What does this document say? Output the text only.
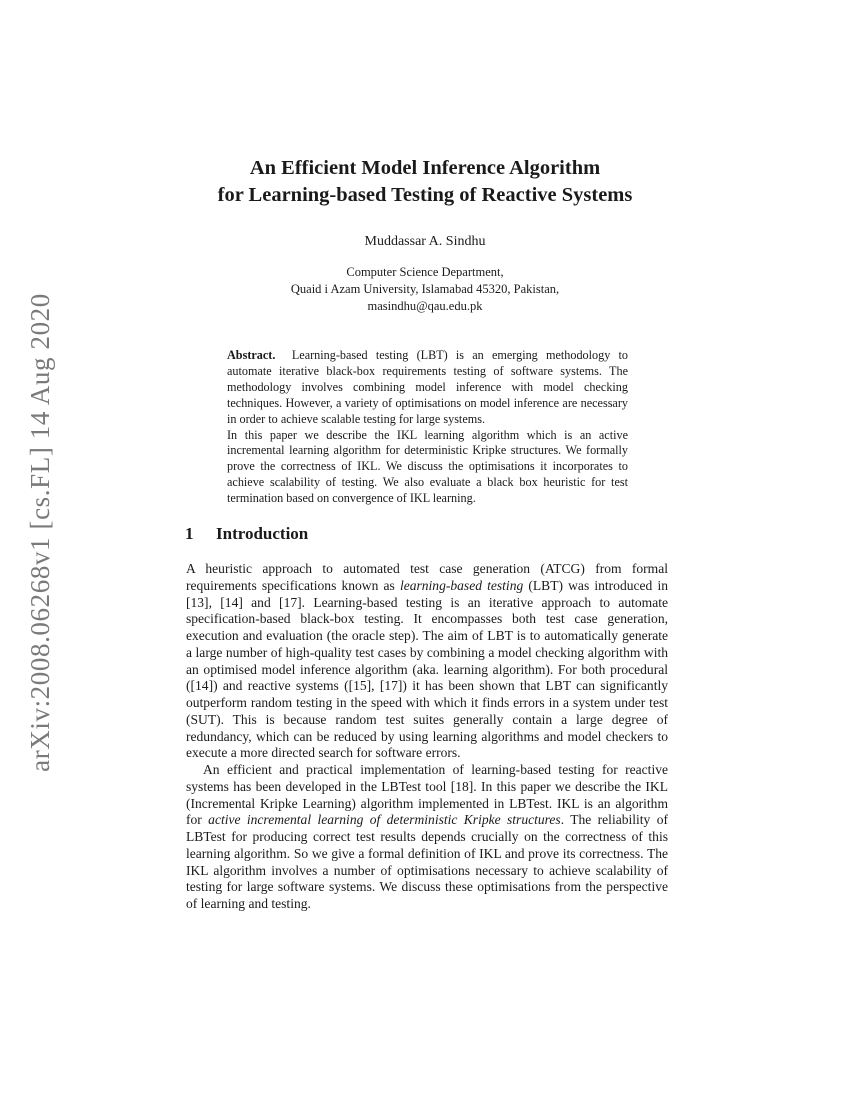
arXiv:2008.06268v1 [cs.FL] 14 Aug 2020
An Efficient Model Inference Algorithm
for Learning-based Testing of Reactive Systems
Muddassar A. Sindhu
Computer Science Department,
Quaid i Azam University, Islamabad 45320, Pakistan,
masindhu@qau.edu.pk

Abstract. Learning-based testing (LBT) is an emerging methodology to automate iterative black-box requirements testing of software systems. The methodology involves combining model inference with model checking techniques. However, a variety of optimisations on model inference are necessary in order to achieve scalable testing for large systems.

In this paper we describe the IKL learning algorithm which is an active incremental learning algorithm for deterministic Kripke structures. We formally prove the correctness of IKL. We discuss the optimisations it incorporates to achieve scalability of testing. We also evaluate a black box heuristic for test termination based on convergence of IKL learning.

1 Introduction

A heuristic approach to automated test case generation (ATCG) from formal requirements specifications known as learning-based testing (LBT) was introduced in [13], [14] and [17]. Learning-based testing is an iterative approach to automate specification-based black-box testing. It encompasses both test case generation, execution and evaluation (the oracle step). The aim of LBT is to automatically generate a large number of high-quality test cases by combining a model checking algorithm with an optimised model inference algorithm (aka. learning algorithm). For both procedural ([14]) and reactive systems ([15], [17]) it has been shown that LBT can significantly outperform random testing in the speed with which it finds errors in a system under test (SUT). This is because random test suites generally contain a large degree of redundancy, which can be reduced by using learning algorithms and model checkers to execute a more directed search for software errors.

An efficient and practical implementation of learning-based testing for reactive systems has been developed in the LBTest tool [18]. In this paper we describe the IKL (Incremental Kripke Learning) algorithm implemented in LBTest. IKL is an algorithm for active incremental learning of deterministic Kripke structures. The reliability of LBTest for producing correct test results depends crucially on the correctness of this learning algorithm. So we give a formal definition of IKL and prove its correctness. The IKL algorithm involves a number of optimisations necessary to achieve scalability of testing for large software systems. We discuss these optimisations from the perspective of learning and testing.
